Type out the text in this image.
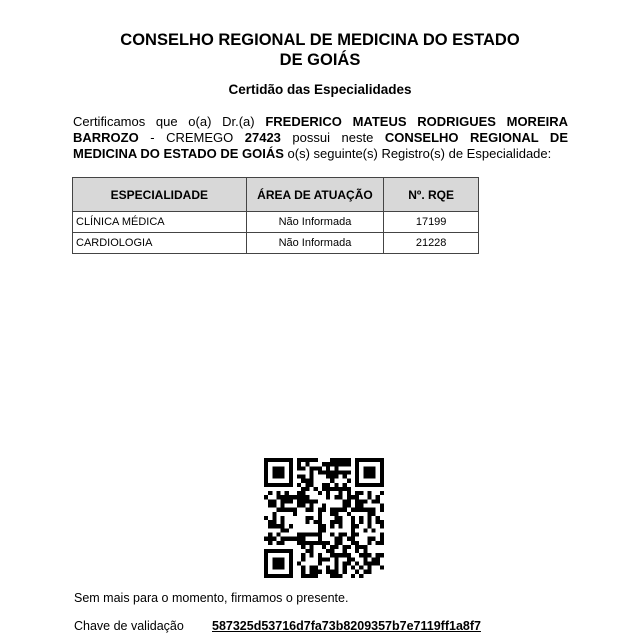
CONSELHO REGIONAL DE MEDICINA DO ESTADO
DE GOIÁS
Certidão das Especialidades
Certificamos que o(a) Dr.(a) FREDERICO MATEUS RODRIGUES MOREIRA BARROZO - CREMEGO 27423 possui neste CONSELHO REGIONAL DE MEDICINA DO ESTADO DE GOIÁS o(s) seguinte(s) Registro(s) de Especialidade:
ESPECIALIDADE	ÁREA DE ATUAÇÃO	Nº. RQE
CLÍNICA MÉDICA	Não Informada	17199
CARDIOLOGIA	Não Informada	21228
Sem mais para o momento, firmamos o presente.
Chave de validação 587325d53716d7fa73b8209357b7e7119ff1a8f7
